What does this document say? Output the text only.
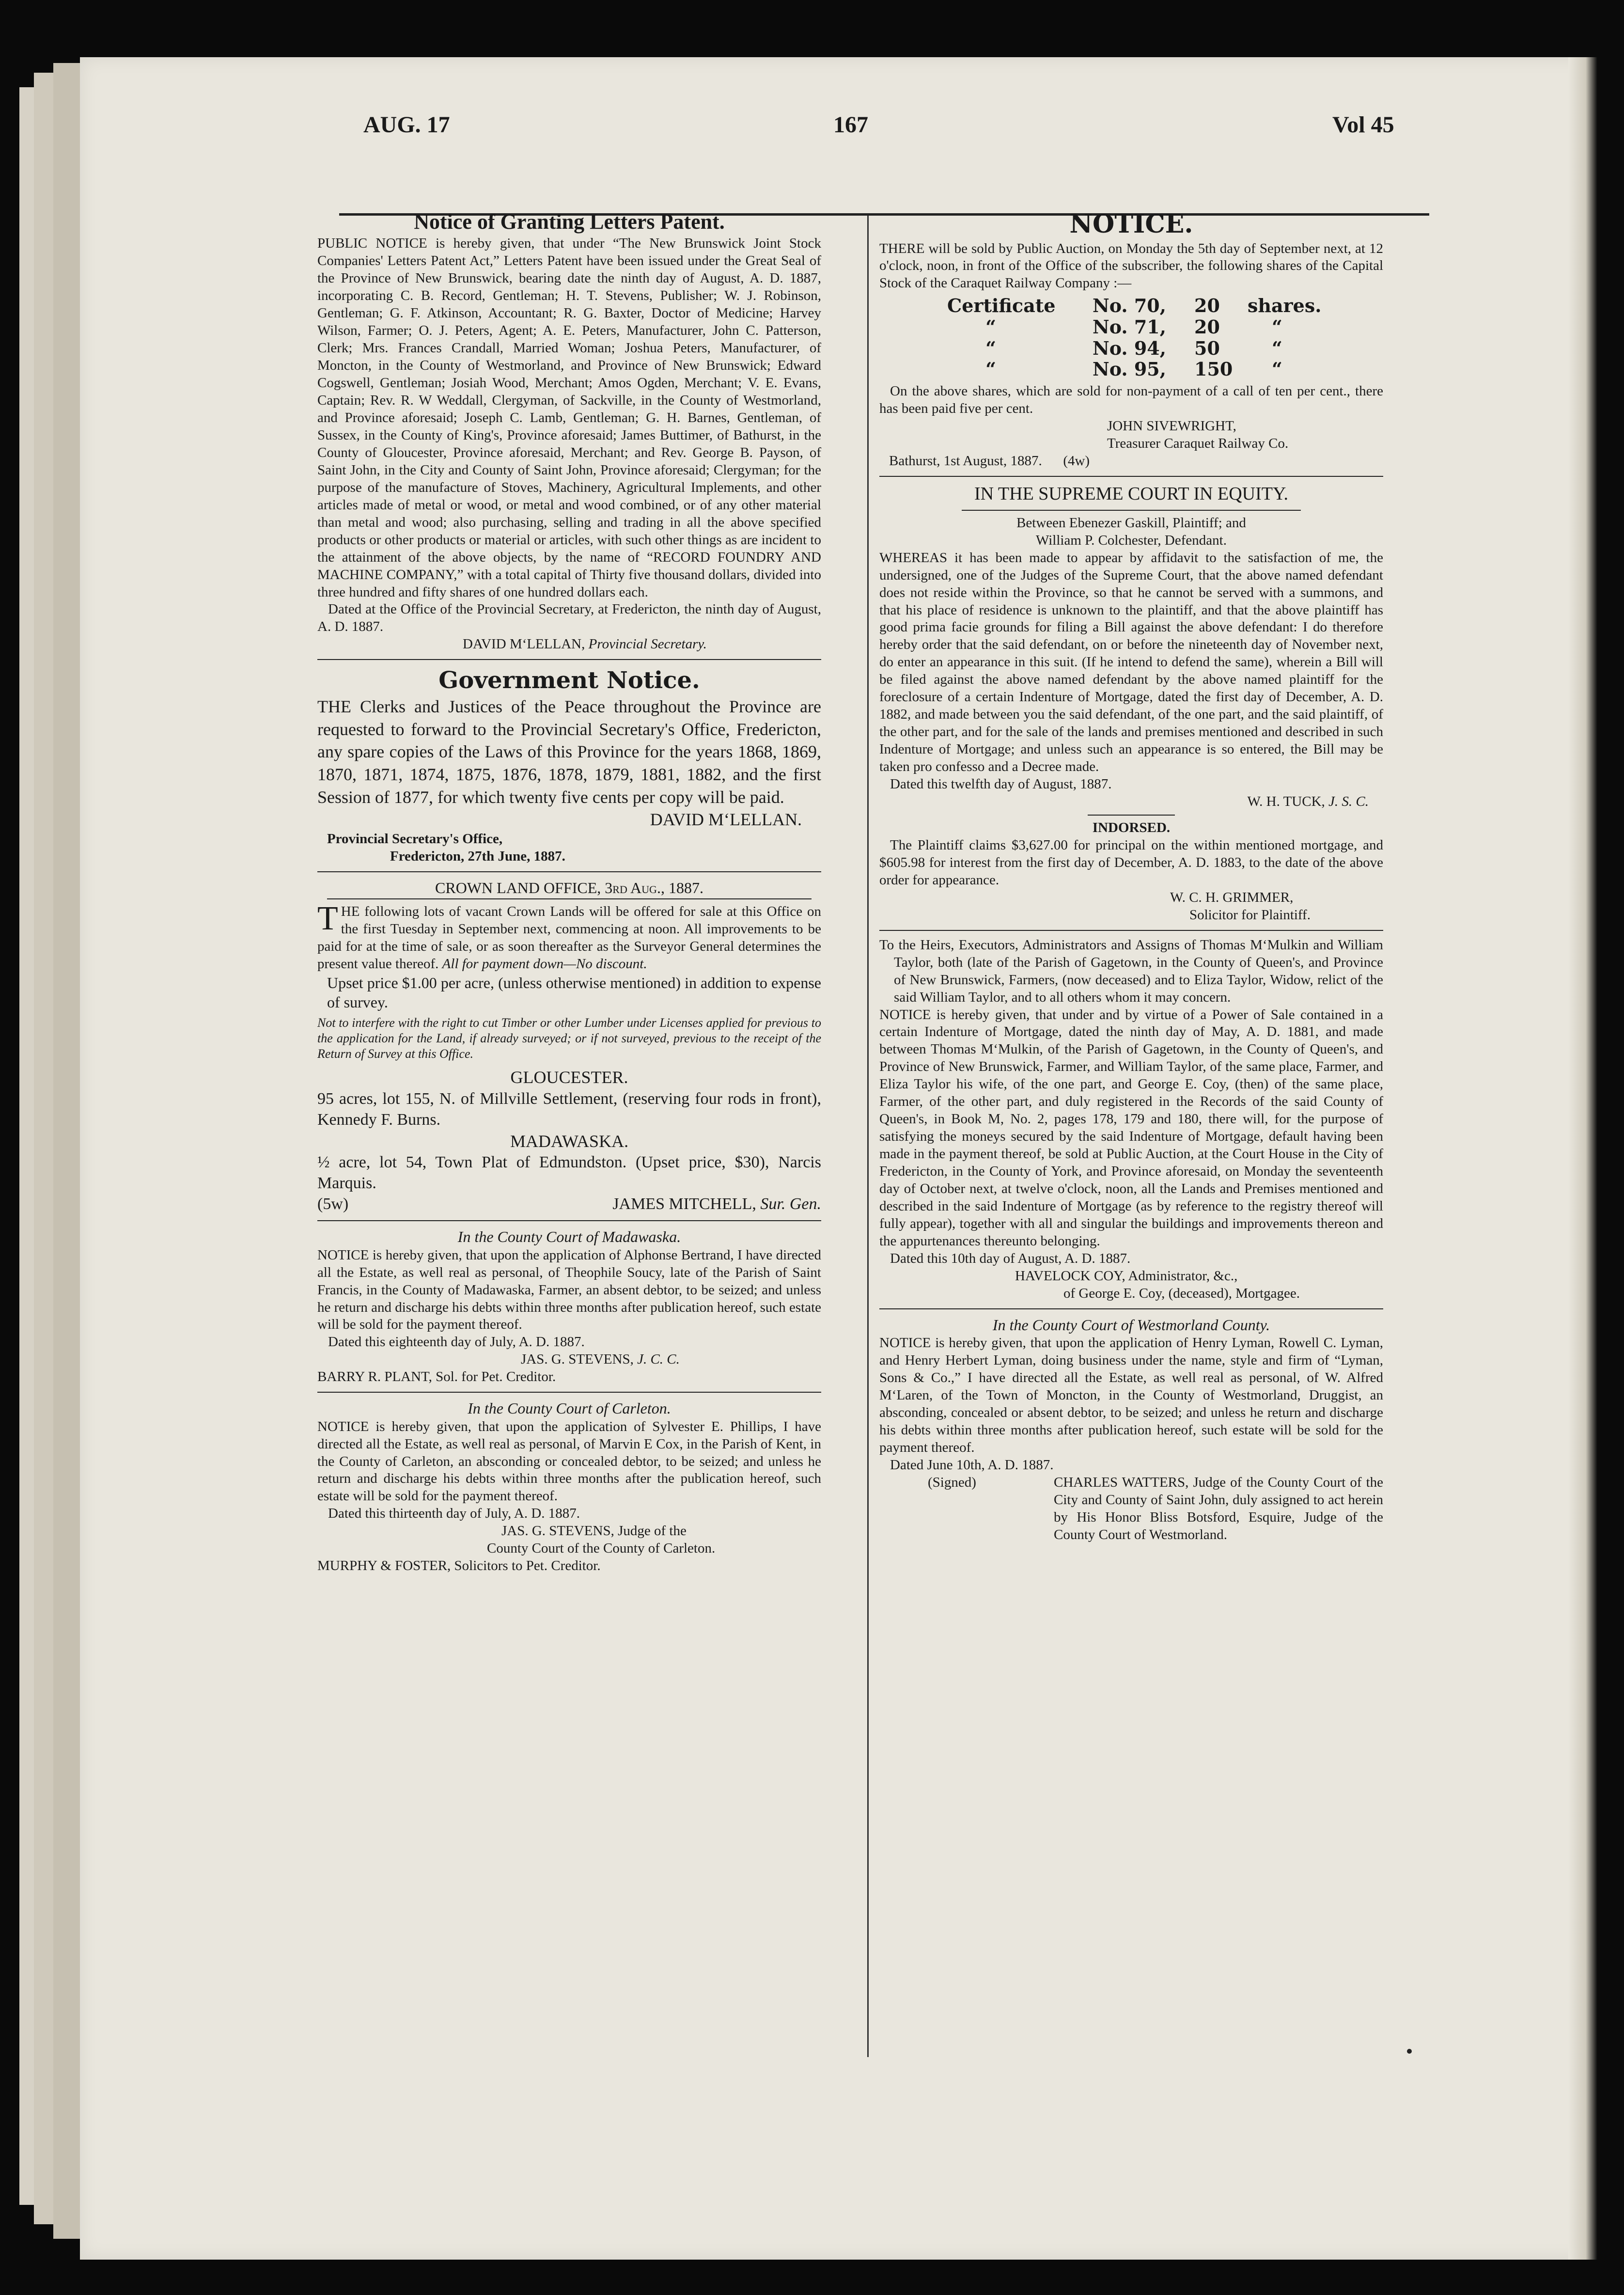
AUG. 17	167	Vol 45

Notice of Granting Letters Patent.

PUBLIC NOTICE is hereby given, that under “The New Brunswick Joint Stock Companies' Letters Patent Act,” Letters Patent have been issued under the Great Seal of the Province of New Brunswick, bearing date the ninth day of August, A. D. 1887, incorporating C. B. Record, Gentleman; H. T. Stevens, Publisher; W. J. Robinson, Gentleman; G. F. Atkinson, Accountant; R. G. Baxter, Doctor of Medicine; Harvey Wilson, Farmer; O. J. Peters, Agent; A. E. Peters, Manufacturer, John C. Patterson, Clerk; Mrs. Frances Crandall, Married Woman; Joshua Peters, Manufacturer, of Moncton, in the County of Westmorland, and Province of New Brunswick; Edward Cogswell, Gentleman; Josiah Wood, Merchant; Amos Ogden, Merchant; V. E. Evans, Captain; Rev. R. W Weddall, Clergyman, of Sackville, in the County of Westmorland, and Province aforesaid; Joseph C. Lamb, Gentleman; G. H. Barnes, Gentleman, of Sussex, in the County of King's, Province aforesaid; James Buttimer, of Bathurst, in the County of Gloucester, Province aforesaid, Merchant; and Rev. George B. Payson, of Saint John, in the City and County of Saint John, Province aforesaid; Clergyman; for the purpose of the manufacture of Stoves, Machinery, Agricultural Implements, and other articles made of metal or wood, or metal and wood combined, or of any other material than metal and wood; also purchasing, selling and trading in all the above specified products or other products or material or articles, with such other things as are incident to the attainment of the above objects, by the name of “RECORD FOUNDRY AND MACHINE COMPANY,” with a total capital of Thirty five thousand dollars, divided into three hundred and fifty shares of one hundred dollars each.

Dated at the Office of the Provincial Secretary, at Fredericton, the ninth day of August, A. D. 1887.

DAVID M‘LELLAN, Provincial Secretary.

Government Notice.

THE Clerks and Justices of the Peace throughout the Province are requested to forward to the Provincial Secretary's Office, Fredericton, any spare copies of the Laws of this Province for the years 1868, 1869, 1870, 1871, 1874, 1875, 1876, 1878, 1879, 1881, 1882, and the first Session of 1877, for which twenty five cents per copy will be paid.

DAVID M‘LELLAN.

Provincial Secretary's Office,

Fredericton, 27th June, 1887.

CROWN LAND OFFICE, 3rd Aug., 1887.

THE following lots of vacant Crown Lands will be offered for sale at this Office on the first Tuesday in September next, commencing at noon. All improvements to be paid for at the time of sale, or as soon thereafter as the Surveyor General determines the present value thereof. All for payment down—No discount.

Upset price $1.00 per acre, (unless otherwise mentioned) in addition to expense of survey.

Not to interfere with the right to cut Timber or other Lumber under Licenses applied for previous to the application for the Land, if already surveyed; or if not surveyed, previous to the receipt of the Return of Survey at this Office.

GLOUCESTER.

95 acres, lot 155, N. of Millville Settlement, (reserving four rods in front), Kennedy F. Burns.

MADAWASKA.

½ acre, lot 54, Town Plat of Edmundston. (Upset price, $30), Narcis Marquis.

(5w)	JAMES MITCHELL, Sur. Gen.

In the County Court of Madawaska.

NOTICE is hereby given, that upon the application of Alphonse Bertrand, I have directed all the Estate, as well real as personal, of Theophile Soucy, late of the Parish of Saint Francis, in the County of Madawaska, Farmer, an absent debtor, to be seized; and unless he return and discharge his debts within three months after publication hereof, such estate will be sold for the payment thereof.

Dated this eighteenth day of July, A. D. 1887.

JAS. G. STEVENS, J. C. C.

BARRY R. PLANT, Sol. for Pet. Creditor.

In the County Court of Carleton.

NOTICE is hereby given, that upon the application of Sylvester E. Phillips, I have directed all the Estate, as well real as personal, of Marvin E Cox, in the Parish of Kent, in the County of Carleton, an absconding or concealed debtor, to be seized; and unless he return and discharge his debts within three months after the publication hereof, such estate will be sold for the payment thereof.

Dated this thirteenth day of July, A. D. 1887.

JAS. G. STEVENS, Judge of the

County Court of the County of Carleton.

MURPHY & FOSTER, Solicitors to Pet. Creditor.

NOTICE.

THERE will be sold by Public Auction, on Monday the 5th day of September next, at 12 o'clock, noon, in front of the Office of the subscriber, the following shares of the Capital Stock of the Caraquet Railway Company :—

Certificate	No. 70,	20	shares.
“	No. 71,	20	“
“	No. 94,	50	“
“	No. 95,	150	“

On the above shares, which are sold for non-payment of a call of ten per cent., there has been paid five per cent.

JOHN SIVEWRIGHT,

Treasurer Caraquet Railway Co.

Bathurst, 1st August, 1887. (4w)

IN THE SUPREME COURT IN EQUITY.

Between Ebenezer Gaskill, Plaintiff; and

William P. Colchester, Defendant.

WHEREAS it has been made to appear by affidavit to the satisfaction of me, the undersigned, one of the Judges of the Supreme Court, that the above named defendant does not reside within the Province, so that he cannot be served with a summons, and that his place of residence is unknown to the plaintiff, and that the above plaintiff has good prima facie grounds for filing a Bill against the above defendant: I do therefore hereby order that the said defendant, on or before the nineteenth day of November next, do enter an appearance in this suit. (If he intend to defend the same), wherein a Bill will be filed against the above named defendant by the above named plaintiff for the foreclosure of a certain Indenture of Mortgage, dated the first day of December, A. D. 1882, and made between you the said defendant, of the one part, and the said plaintiff, of the other part, and for the sale of the lands and premises mentioned and described in such Indenture of Mortgage; and unless such an appearance is so entered, the Bill may be taken pro confesso and a Decree made.

Dated this twelfth day of August, 1887.

W. H. TUCK, J. S. C.

INDORSED.

The Plaintiff claims $3,627.00 for principal on the within mentioned mortgage, and $605.98 for interest from the first day of December, A. D. 1883, to the date of the above order for appearance.

W. C. H. GRIMMER,

Solicitor for Plaintiff.

To the Heirs, Executors, Administrators and Assigns of Thomas M‘Mulkin and William Taylor, both (late of the Parish of Gagetown, in the County of Queen's, and Province of New Brunswick, Farmers, (now deceased) and to Eliza Taylor, Widow, relict of the said William Taylor, and to all others whom it may concern.

NOTICE is hereby given, that under and by virtue of a Power of Sale contained in a certain Indenture of Mortgage, dated the ninth day of May, A. D. 1881, and made between Thomas M‘Mulkin, of the Parish of Gagetown, in the County of Queen's, and Province of New Brunswick, Farmer, and William Taylor, of the same place, Farmer, and Eliza Taylor his wife, of the one part, and George E. Coy, (then) of the same place, Farmer, of the other part, and duly registered in the Records of the said County of Queen's, in Book M, No. 2, pages 178, 179 and 180, there will, for the purpose of satisfying the moneys secured by the said Indenture of Mortgage, default having been made in the payment thereof, be sold at Public Auction, at the Court House in the City of Fredericton, in the County of York, and Province aforesaid, on Monday the seventeenth day of October next, at twelve o'clock, noon, all the Lands and Premises mentioned and described in the said Indenture of Mortgage (as by reference to the registry thereof will fully appear), together with all and singular the buildings and improvements thereon and the appurtenances thereunto belonging.

Dated this 10th day of August, A. D. 1887.

HAVELOCK COY, Administrator, &c.,

of George E. Coy, (deceased), Mortgagee.

In the County Court of Westmorland County.

NOTICE is hereby given, that upon the application of Henry Lyman, Rowell C. Lyman, and Henry Herbert Lyman, doing business under the name, style and firm of “Lyman, Sons & Co.,” I have directed all the Estate, as well real as personal, of W. Alfred M‘Laren, of the Town of Moncton, in the County of Westmorland, Druggist, an absconding, concealed or absent debtor, to be seized; and unless he return and discharge his debts within three months after publication hereof, such estate will be sold for the payment thereof.

Dated June 10th, A. D. 1887.

(Signed)	CHARLES WATTERS, Judge of the County Court of the City and County of Saint John, duly assigned to act herein by His Honor Bliss Botsford, Esquire, Judge of the County Court of Westmorland.
